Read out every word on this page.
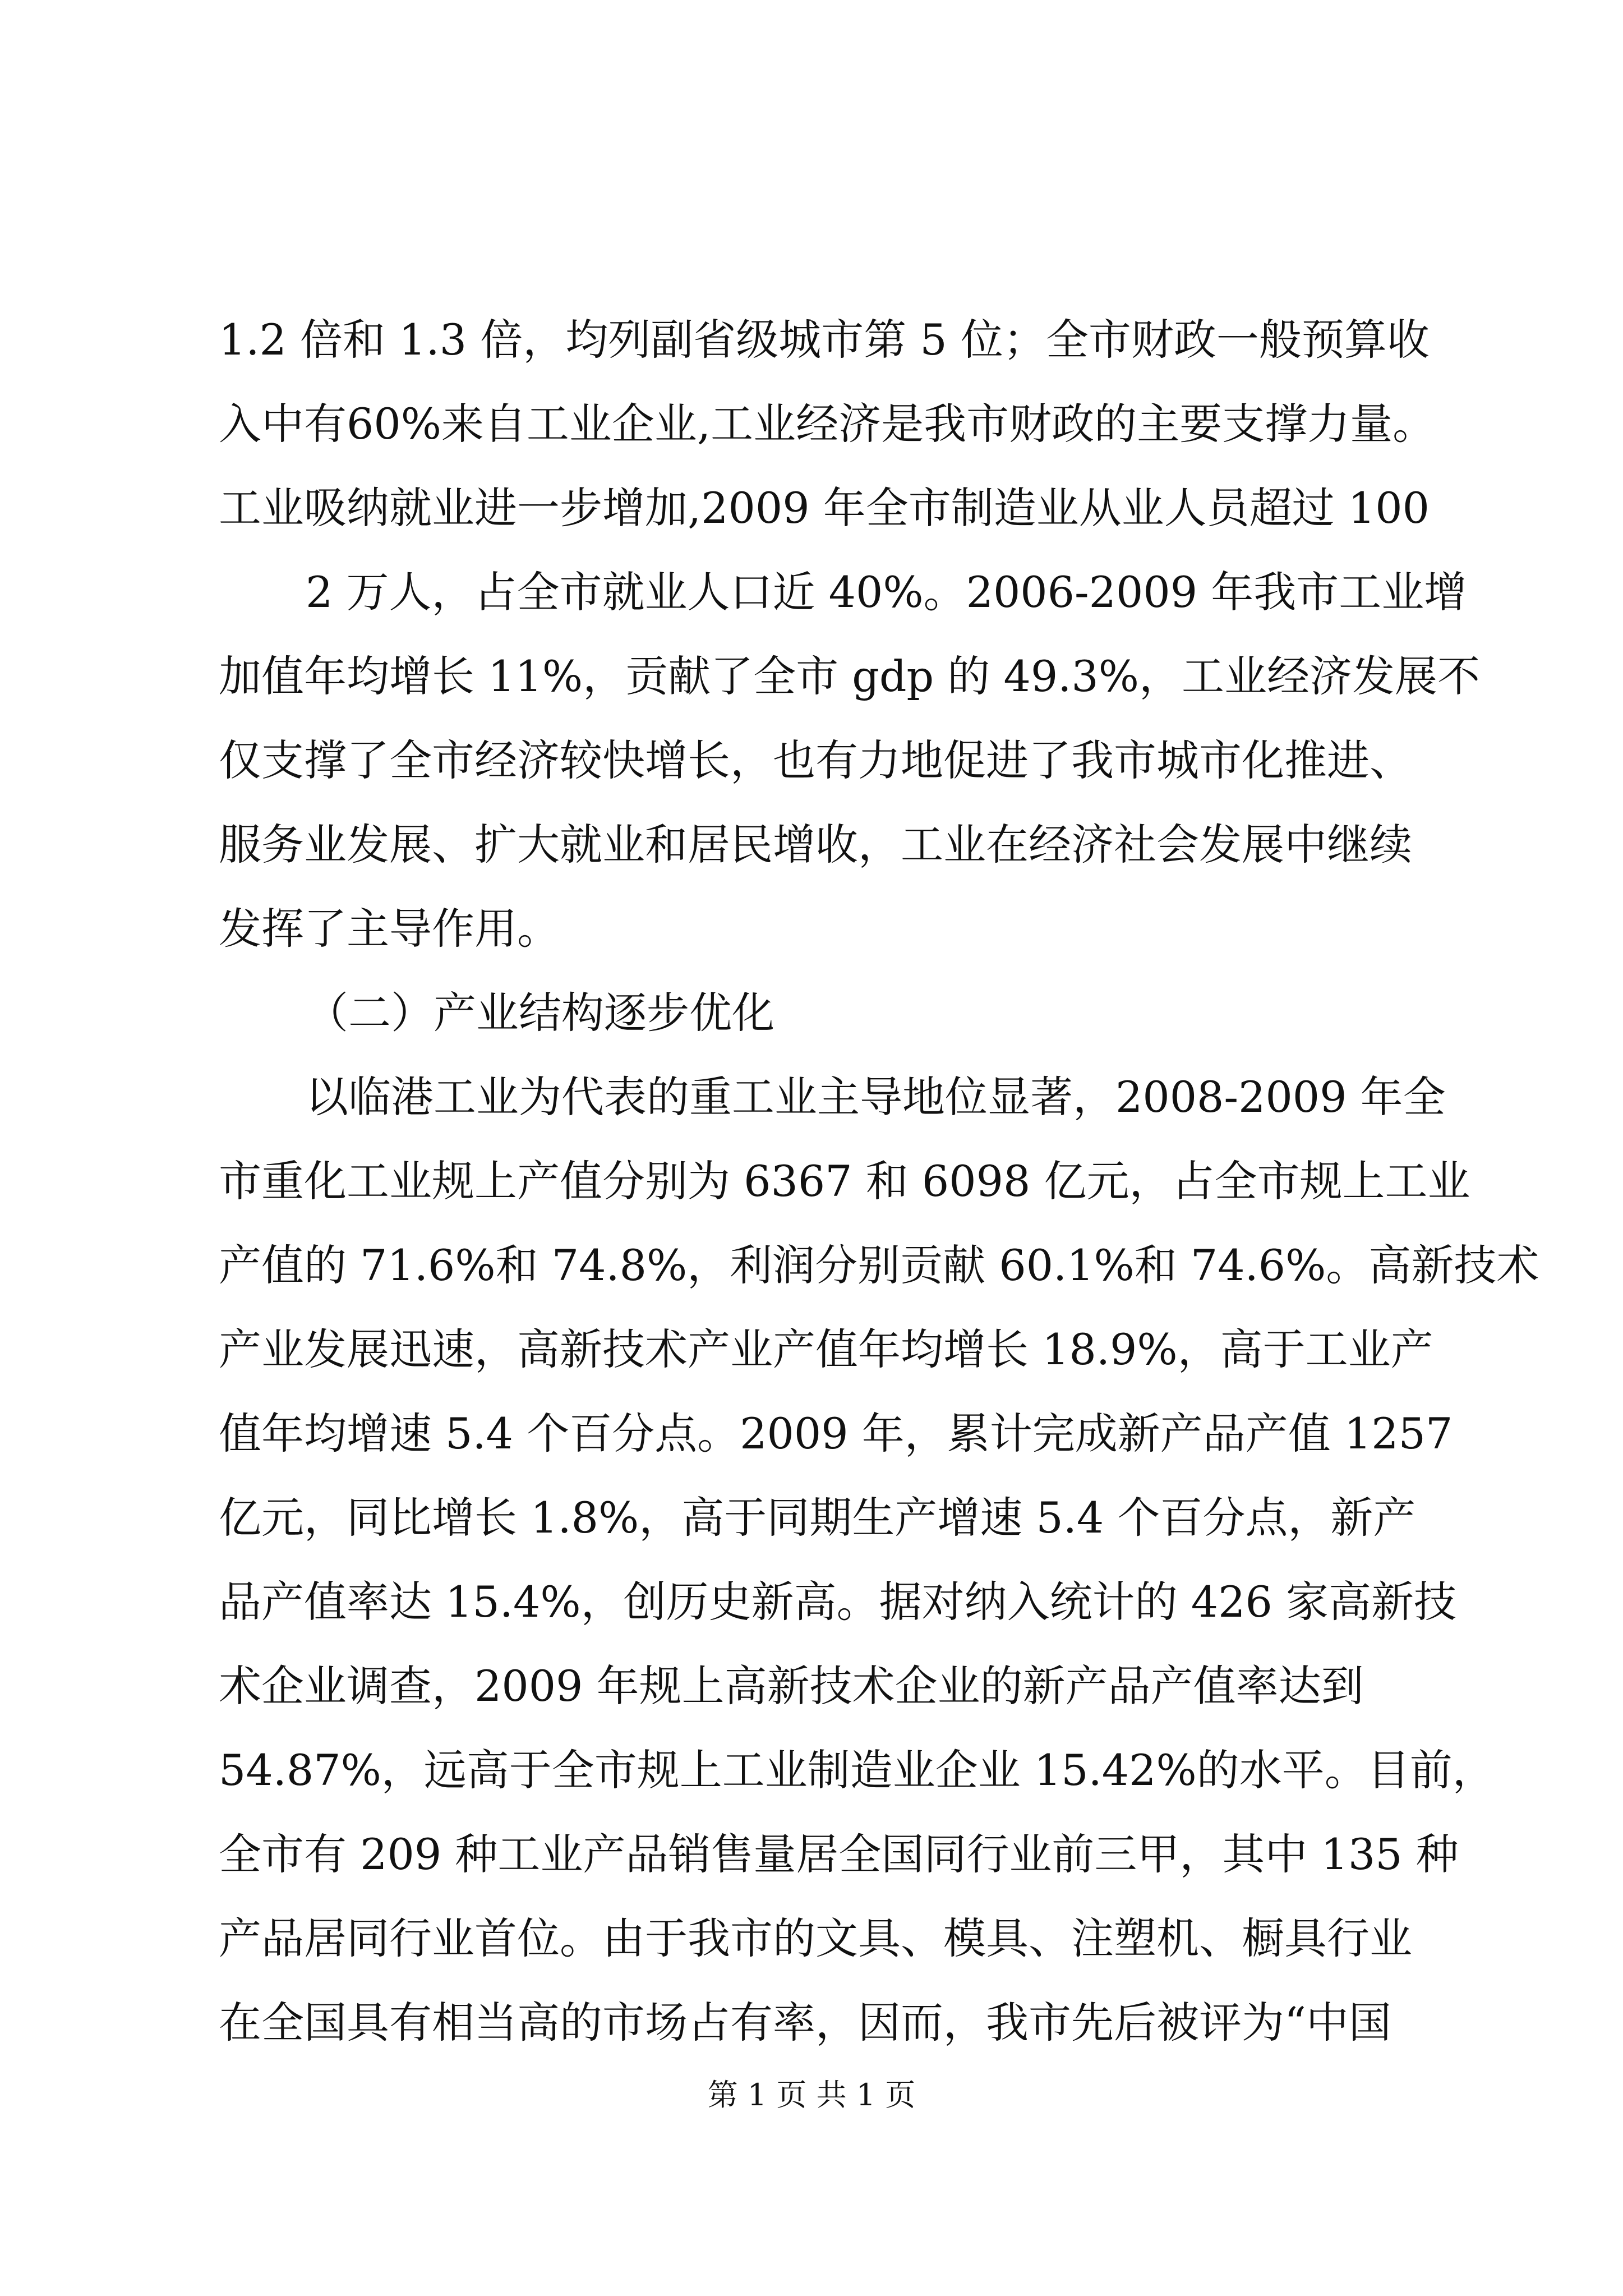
1.2 倍和 1.3 倍，均列副省级城市第 5 位；全市财政一般预算收
入中有60%来自工业企业,工业经济是我市财政的主要支撑力量。
工业吸纳就业进一步增加,2009 年全市制造业从业人员超过 100
2 万人，占全市就业人口近 40%。2006-2009 年我市工业增
加值年均增长 11%，贡献了全市 gdp 的 49.3%，工业经济发展不
仅支撑了全市经济较快增长，也有力地促进了我市城市化推进、
服务业发展、扩大就业和居民增收，工业在经济社会发展中继续
发挥了主导作用。
（二）产业结构逐步优化
以临港工业为代表的重工业主导地位显著，2008-2009 年全
市重化工业规上产值分别为 6367 和 6098 亿元，占全市规上工业
产值的 71.6%和 74.8%，利润分别贡献 60.1%和 74.6%。高新技术
产业发展迅速，高新技术产业产值年均增长 18.9%，高于工业产
值年均增速 5.4 个百分点。2009 年，累计完成新产品产值 1257
亿元，同比增长 1.8%，高于同期生产增速 5.4 个百分点，新产
品产值率达 15.4%，创历史新高。据对纳入统计的 426 家高新技
术企业调查，2009 年规上高新技术企业的新产品产值率达到
54.87%，远高于全市规上工业制造业企业 15.42%的水平。目前，
全市有 209 种工业产品销售量居全国同行业前三甲，其中 135 种
产品居同行业首位。由于我市的文具、模具、注塑机、橱具行业
在全国具有相当高的市场占有率，因而，我市先后被评为“中国
第 1 页 共 1 页
